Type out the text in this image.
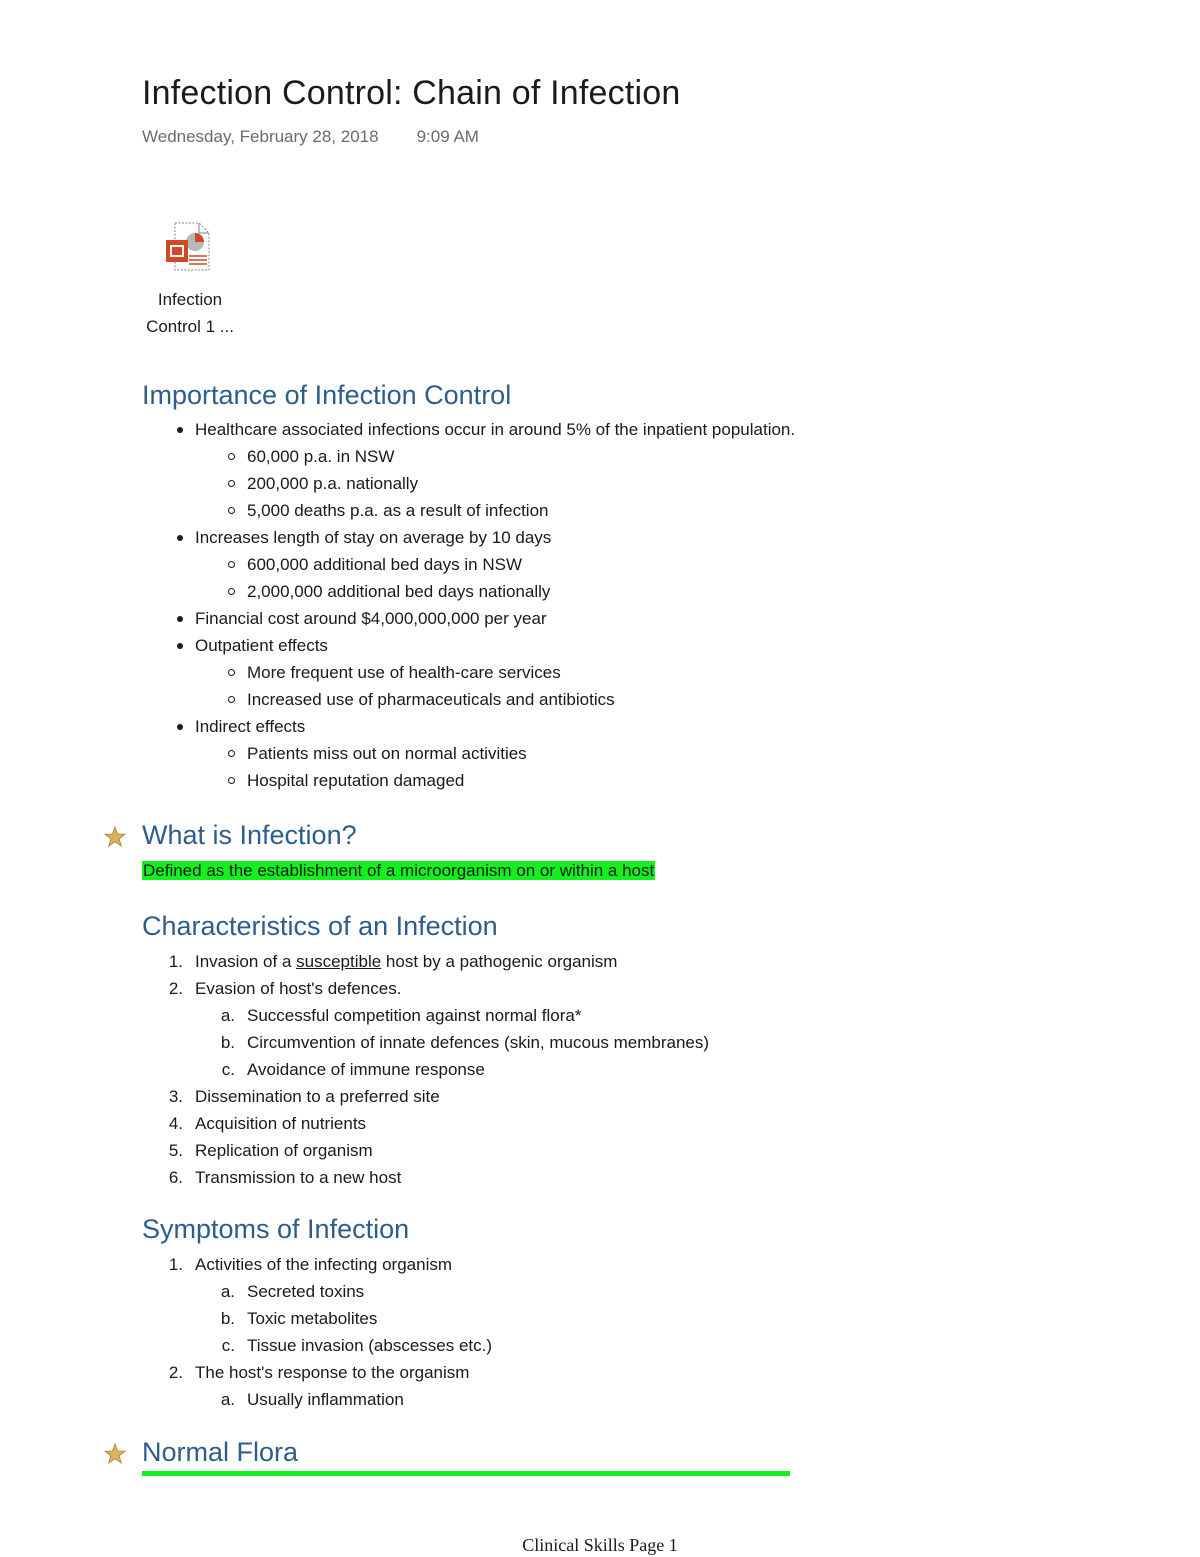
Infection Control: Chain of Infection
Wednesday, February 28, 2018 9:09 AM
Infection
Control 1 ...
Importance of Infection Control
Healthcare associated infections occur in around 5% of the inpatient population.
60,000 p.a. in NSW
200,000 p.a. nationally
5,000 deaths p.a. as a result of infection
Increases length of stay on average by 10 days
600,000 additional bed days in NSW
2,000,000 additional bed days nationally
Financial cost around $4,000,000,000 per year
Outpatient effects
More frequent use of health-care services
Increased use of pharmaceuticals and antibiotics
Indirect effects
Patients miss out on normal activities
Hospital reputation damaged
What is Infection?
Defined as the establishment of a microorganism on or within a host
Characteristics of an Infection
1. Invasion of a susceptible host by a pathogenic organism
2. Evasion of host's defences.
a. Successful competition against normal flora*
b. Circumvention of innate defences (skin, mucous membranes)
c. Avoidance of immune response
3. Dissemination to a preferred site
4. Acquisition of nutrients
5. Replication of organism
6. Transmission to a new host
Symptoms of Infection
1. Activities of the infecting organism
a. Secreted toxins
b. Toxic metabolites
c. Tissue invasion (abscesses etc.)
2. The host's response to the organism
a. Usually inflammation
Normal Flora
Clinical Skills Page 1
